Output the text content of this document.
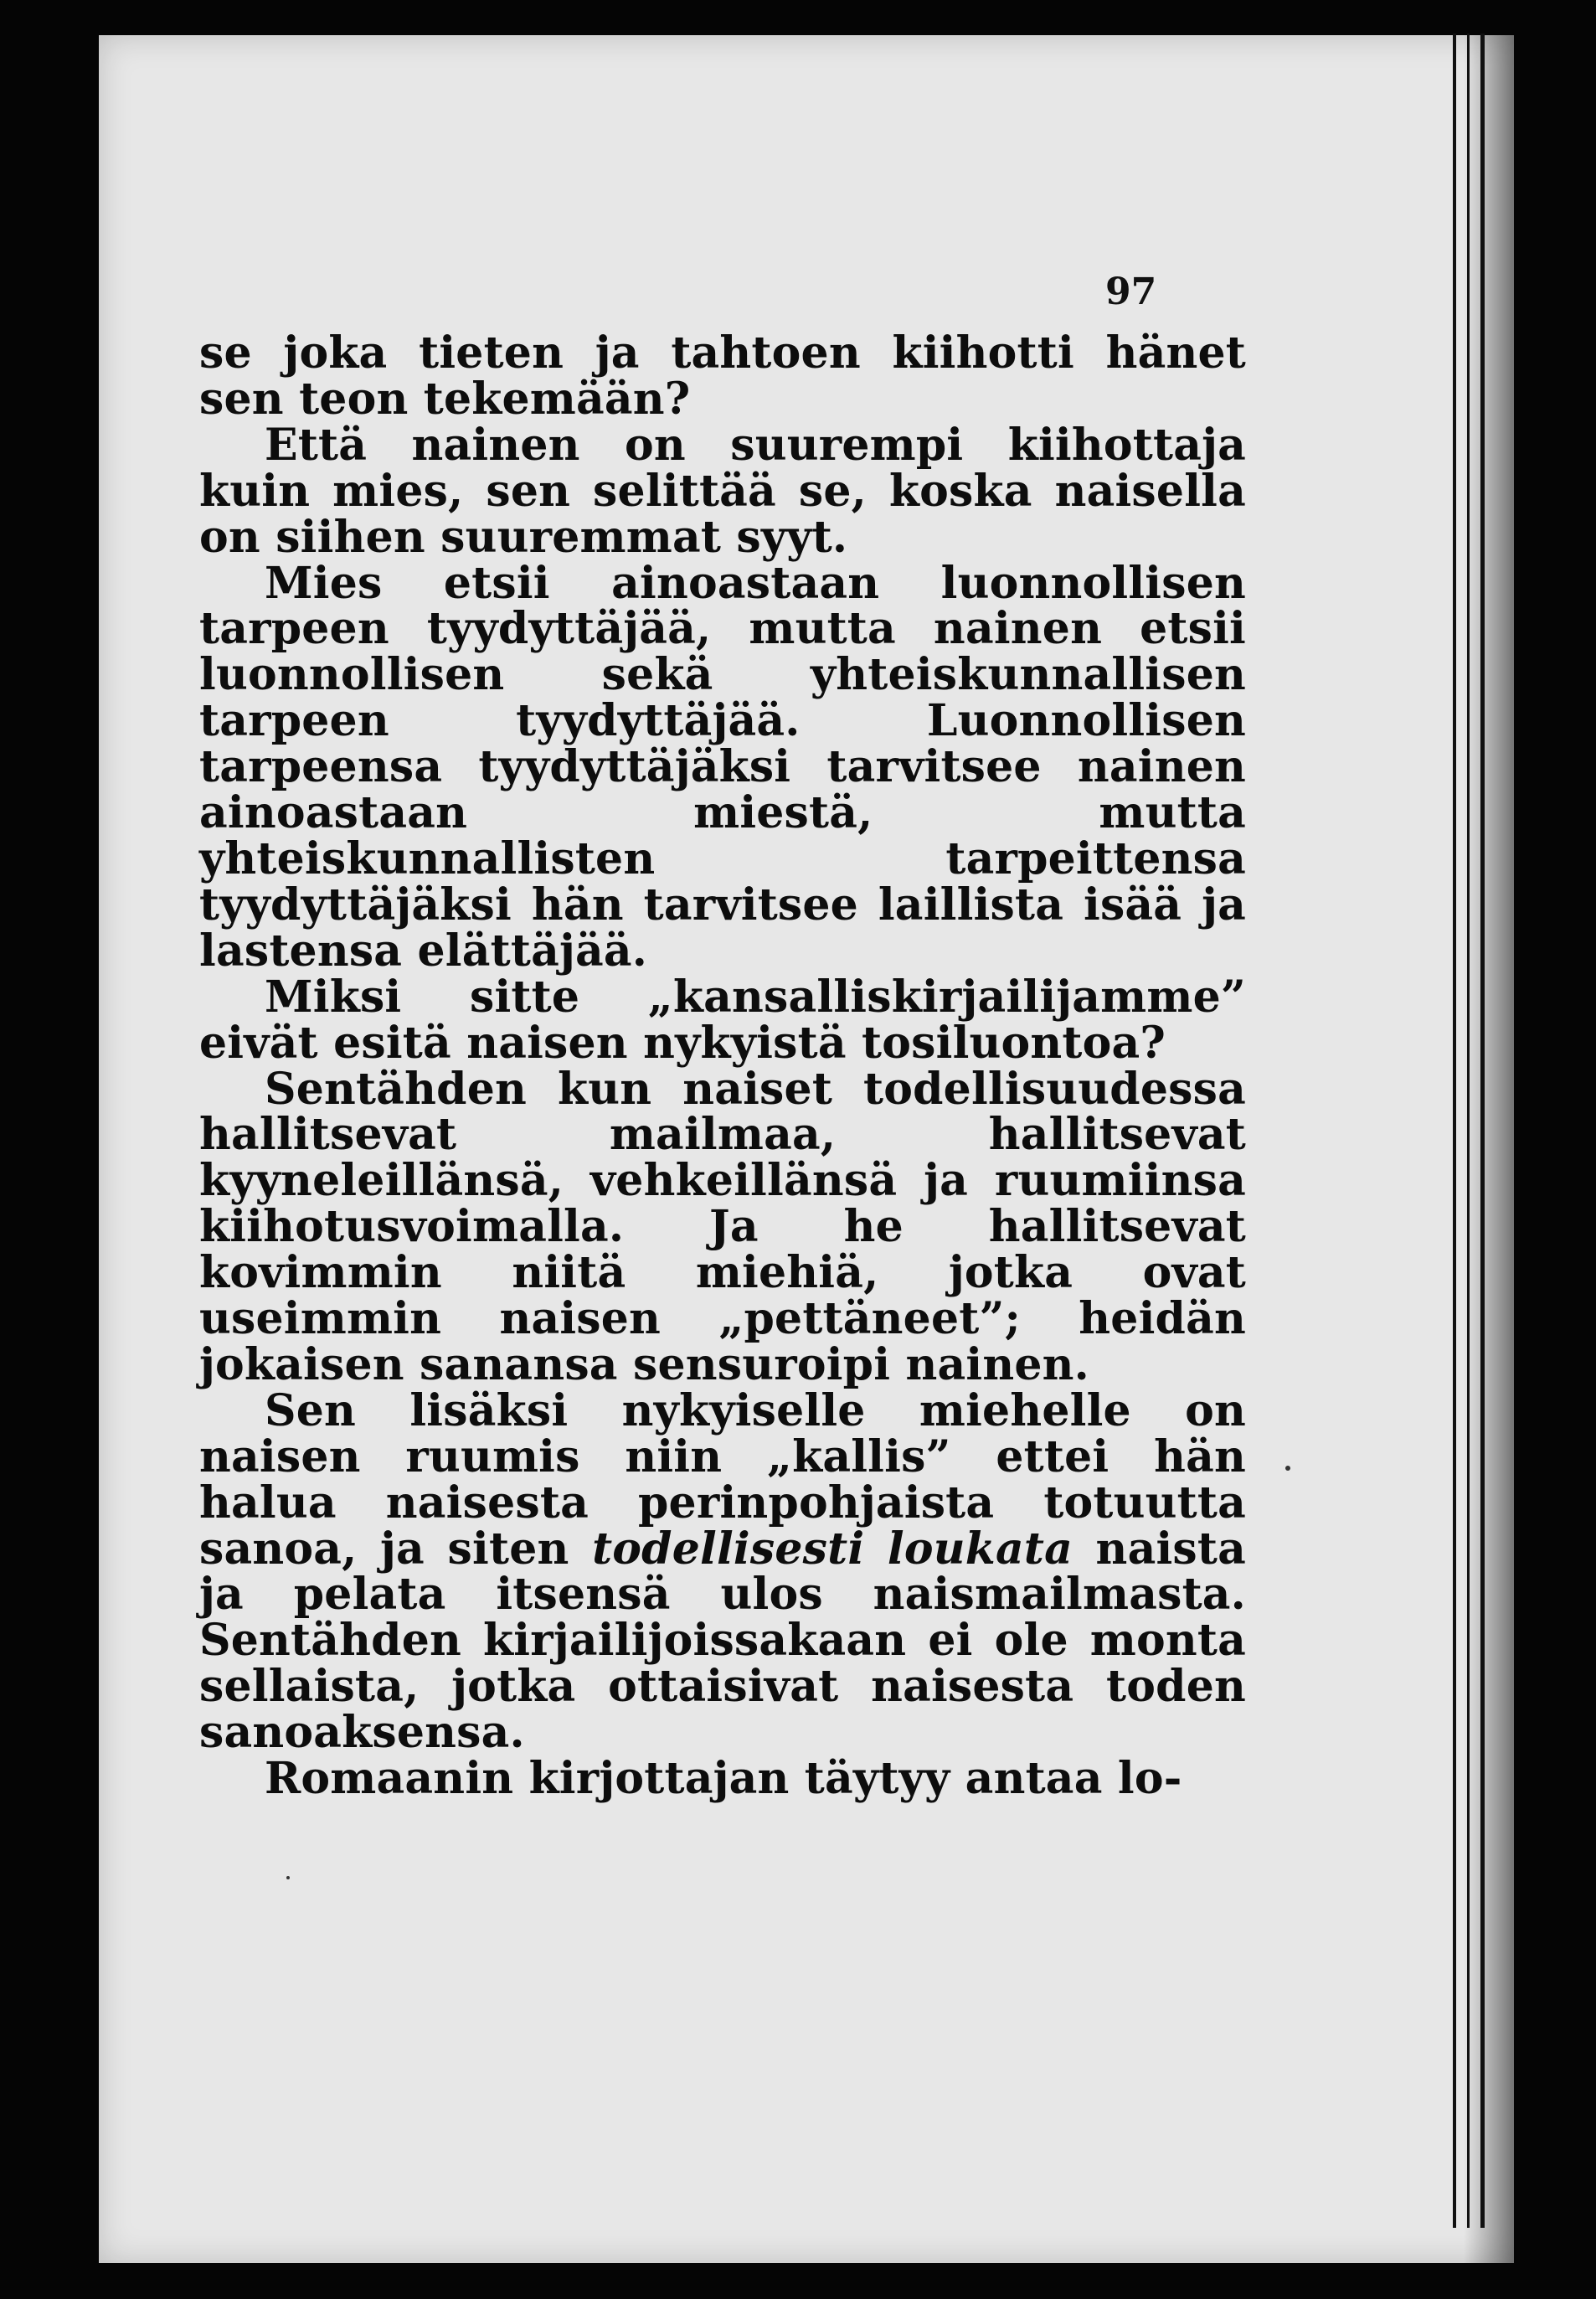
97

se joka tieten ja tahtoen kiihotti hänet sen teon tekemään?

Että nainen on suurempi kiihottaja kuin mies, sen selittää se, koska naisella on siihen suuremmat syyt.

Mies etsii ainoastaan luonnollisen tarpeen tyydyttäjää, mutta nainen etsii luonnollisen sekä yhteiskunnallisen tarpeen tyydyttäjää. Luonnollisen tarpeensa tyydyttäjäksi tarvitsee nainen ainoastaan miestä, mutta yhteiskunnallisten tarpeittensa tyydyttäjäksi hän tarvitsee laillista isää ja lastensa elättäjää.

Miksi sitte „kansalliskirjailijamme” eivät esitä naisen nykyistä tosiluontoa?

Sentähden kun naiset todellisuudessa hallitsevat mailmaa, hallitsevat kyyneleillänsä, vehkeillänsä ja ruumiinsa kiihotusvoimalla. Ja he hallitsevat kovimmin niitä miehiä, jotka ovat useimmin naisen „pettäneet”; heidän jokaisen sanansa sensuroipi nainen.

Sen lisäksi nykyiselle miehelle on naisen ruumis niin „kallis” ettei hän halua naisesta perinpohjaista totuutta sanoa, ja siten todellisesti loukata naista ja pelata itsensä ulos naismailmasta. Sentähden kirjailijoissakaan ei ole monta sellaista, jotka ottaisivat naisesta toden sanoaksensa.

Romaanin kirjottajan täytyy antaa lo-
